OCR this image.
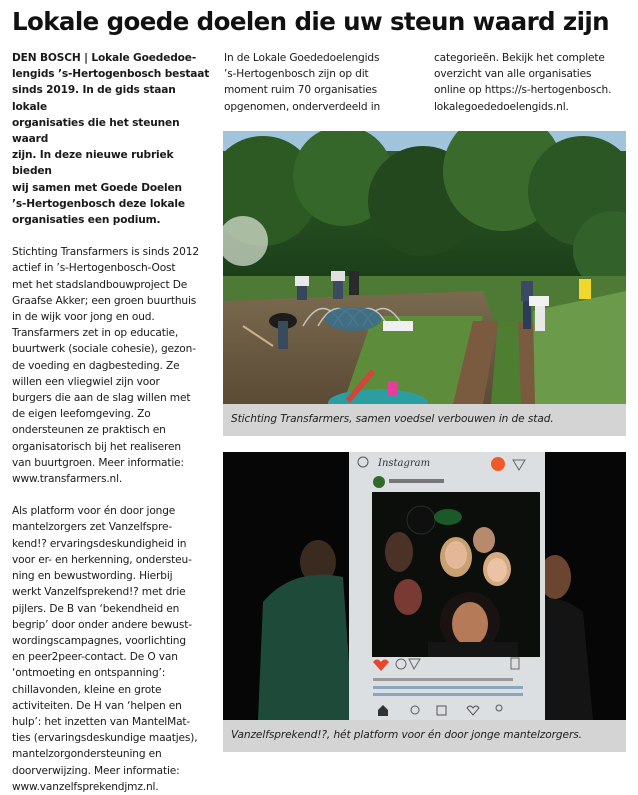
Lokale goede doelen die uw steun waard zijn

DEN BOSCH | Lokale Goededoe-

lengids ’s-Hertogenbosch bestaat

sinds 2019. In de gids staan lokale

organisaties die het steunen waard

zijn. In deze nieuwe rubriek bieden

wij samen met Goede Doelen

’s-Hertogenbosch deze lokale

organisaties een podium.

Stichting Transfarmers is sinds 2012

actief in ’s-Hertogenbosch-Oost

met het stadslandbouwproject De

Graafse Akker; een groen buurthuis

in de wijk voor jong en oud.

Transfarmers zet in op educatie,

buurtwerk (sociale cohesie), gezon-

de voeding en dagbesteding. Ze

willen een vliegwiel zijn voor

burgers die aan de slag willen met

de eigen leefomgeving. Zo

ondersteunen ze praktisch en

organisatorisch bij het realiseren

van buurtgroen. Meer informatie:

www.transfarmers.nl.

Als platform voor én door jonge

mantelzorgers zet Vanzelfspre-

kend!? ervaringsdeskundigheid in

voor er- en herkenning, ondersteu-

ning en bewustwording. Hierbij

werkt Vanzelfsprekend!? met drie

pijlers. De B van ‘bekendheid en

begrip’ door onder andere bewust-

wordingscampagnes, voorlichting

en peer2peer-contact. De O van

‘ontmoeting en ontspanning’:

chillavonden, kleine en grote

activiteiten. De H van ‘helpen en

hulp’: het inzetten van MantelMat-

ties (ervaringsdeskundige maatjes),

mantelzorgondersteuning en

doorverwijzing. Meer informatie:

www.vanzelfsprekendjmz.nl.

In de Lokale Goededoelengids

’s-Hertogenbosch zijn op dit

moment ruim 70 organisaties

opgenomen, onderverdeeld in

categorieën. Bekijk het complete

overzicht van alle organisaties

online op https://s-hertogenbosch.

lokalegoededoelengids.nl.

Stichting Transfarmers, samen voedsel verbouwen in de stad.
Instagram
Vanzelfsprekend!?, hét platform voor én door jonge mantelzorgers.
